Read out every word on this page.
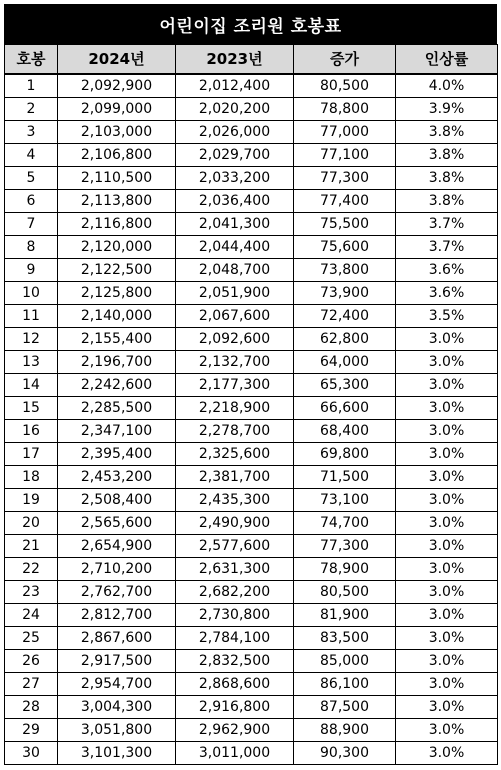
어린이집 조리원 호봉표
호봉	2024년	2023년	증가	인상률
1	2,092,900	2,012,400	80,500	4.0%
2	2,099,000	2,020,200	78,800	3.9%
3	2,103,000	2,026,000	77,000	3.8%
4	2,106,800	2,029,700	77,100	3.8%
5	2,110,500	2,033,200	77,300	3.8%
6	2,113,800	2,036,400	77,400	3.8%
7	2,116,800	2,041,300	75,500	3.7%
8	2,120,000	2,044,400	75,600	3.7%
9	2,122,500	2,048,700	73,800	3.6%
10	2,125,800	2,051,900	73,900	3.6%
11	2,140,000	2,067,600	72,400	3.5%
12	2,155,400	2,092,600	62,800	3.0%
13	2,196,700	2,132,700	64,000	3.0%
14	2,242,600	2,177,300	65,300	3.0%
15	2,285,500	2,218,900	66,600	3.0%
16	2,347,100	2,278,700	68,400	3.0%
17	2,395,400	2,325,600	69,800	3.0%
18	2,453,200	2,381,700	71,500	3.0%
19	2,508,400	2,435,300	73,100	3.0%
20	2,565,600	2,490,900	74,700	3.0%
21	2,654,900	2,577,600	77,300	3.0%
22	2,710,200	2,631,300	78,900	3.0%
23	2,762,700	2,682,200	80,500	3.0%
24	2,812,700	2,730,800	81,900	3.0%
25	2,867,600	2,784,100	83,500	3.0%
26	2,917,500	2,832,500	85,000	3.0%
27	2,954,700	2,868,600	86,100	3.0%
28	3,004,300	2,916,800	87,500	3.0%
29	3,051,800	2,962,900	88,900	3.0%
30	3,101,300	3,011,000	90,300	3.0%
